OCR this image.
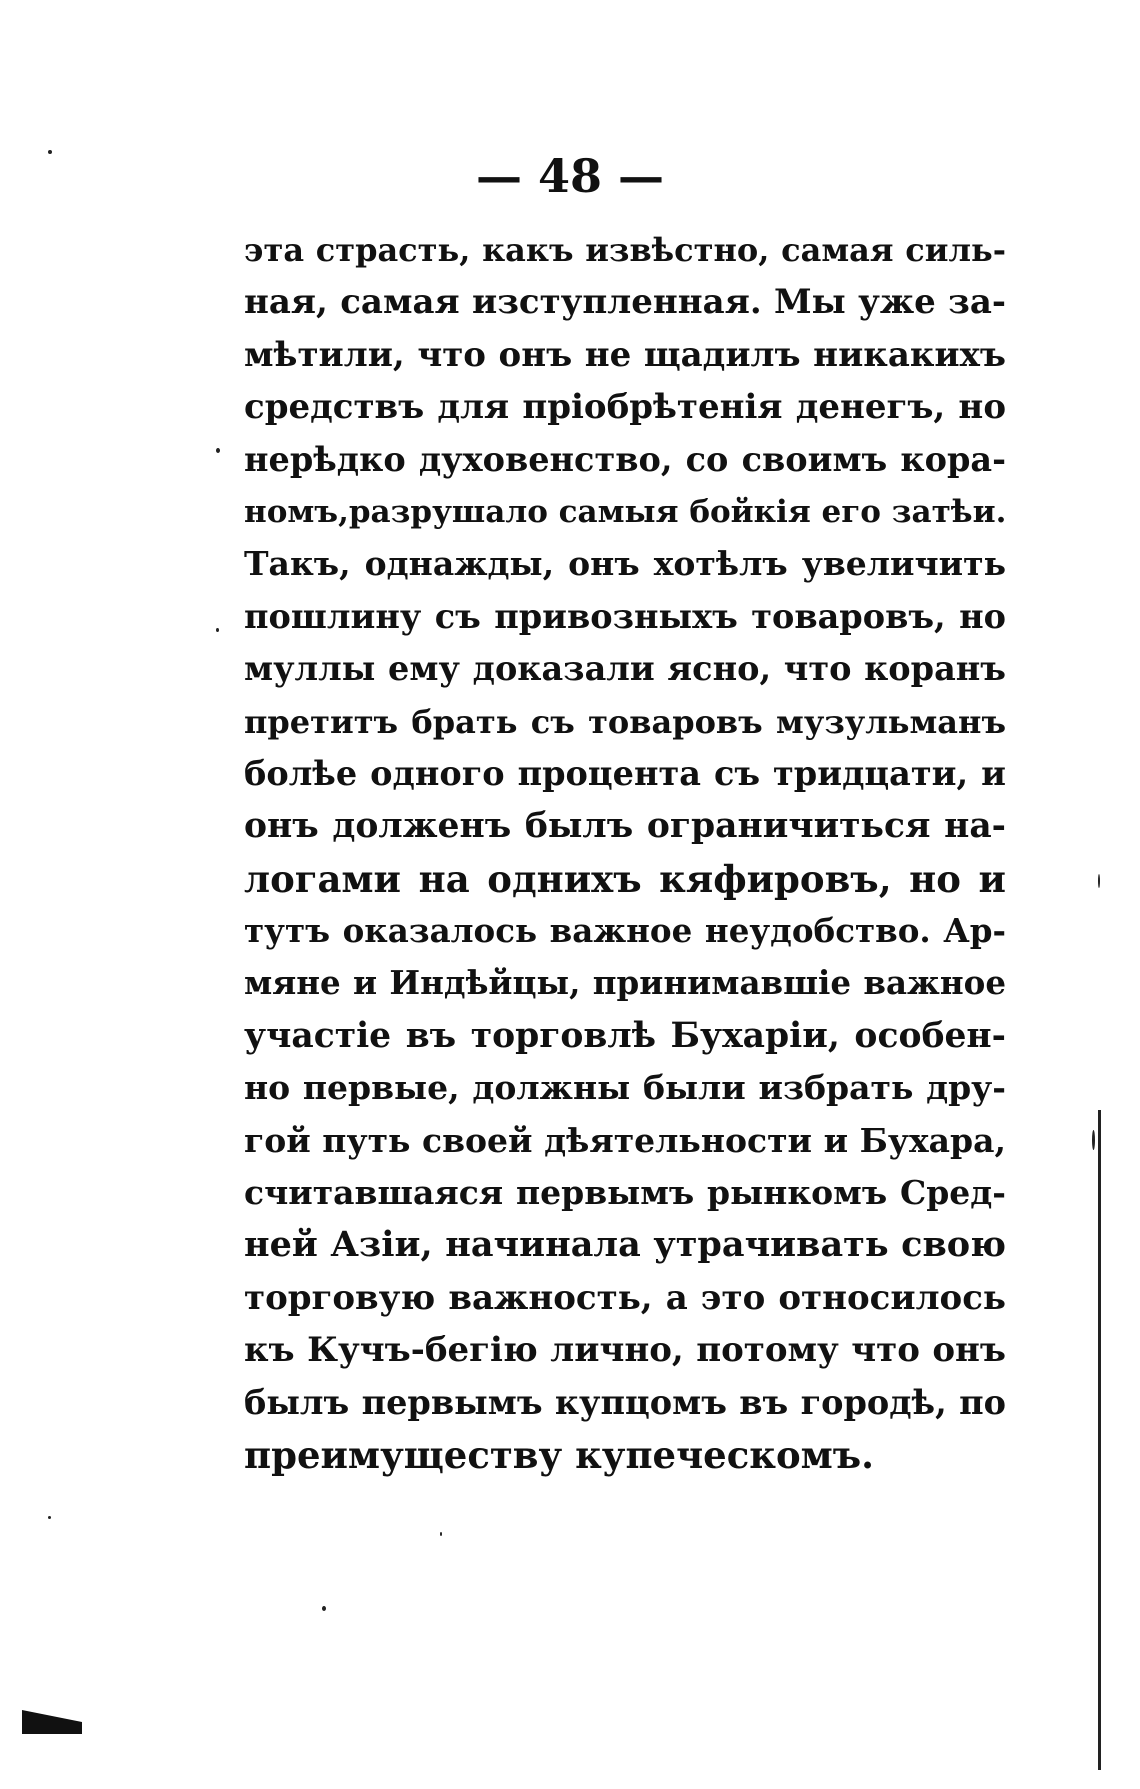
— 48 —
эта страсть, какъ извѣстно, самая силь-
ная, самая изступленная. Мы уже за-
мѣтили, что онъ не щадилъ никакихъ
средствъ для пріобрѣтенія денегъ, но
нерѣдко духовенство, со своимъ кора-
номъ,разрушало самыя бойкія его затѣи.
Такъ, однажды, онъ хотѣлъ увеличить
пошлину съ привозныхъ товаровъ, но
муллы ему доказали ясно, что коранъ
претитъ брать съ товаровъ музульманъ
болѣе одного процента съ тридцати, и
онъ долженъ былъ ограничиться на-
логами на однихъ кяфировъ, но и
тутъ оказалось важное неудобство. Ар-
мяне и Индѣйцы, принимавшіе важное
участіе въ торговлѣ Бухаріи, особен-
но первые, должны были избрать дру-
гой путь своей дѣятельности и Бухара,
считавшаяся первымъ рынкомъ Сред-
ней Азіи, начинала утрачивать свою
торговую важность, а это относилось
къ Кучъ-бегію лично, потому что онъ
былъ первымъ купцомъ въ городѣ, по
преимуществу купеческомъ.
